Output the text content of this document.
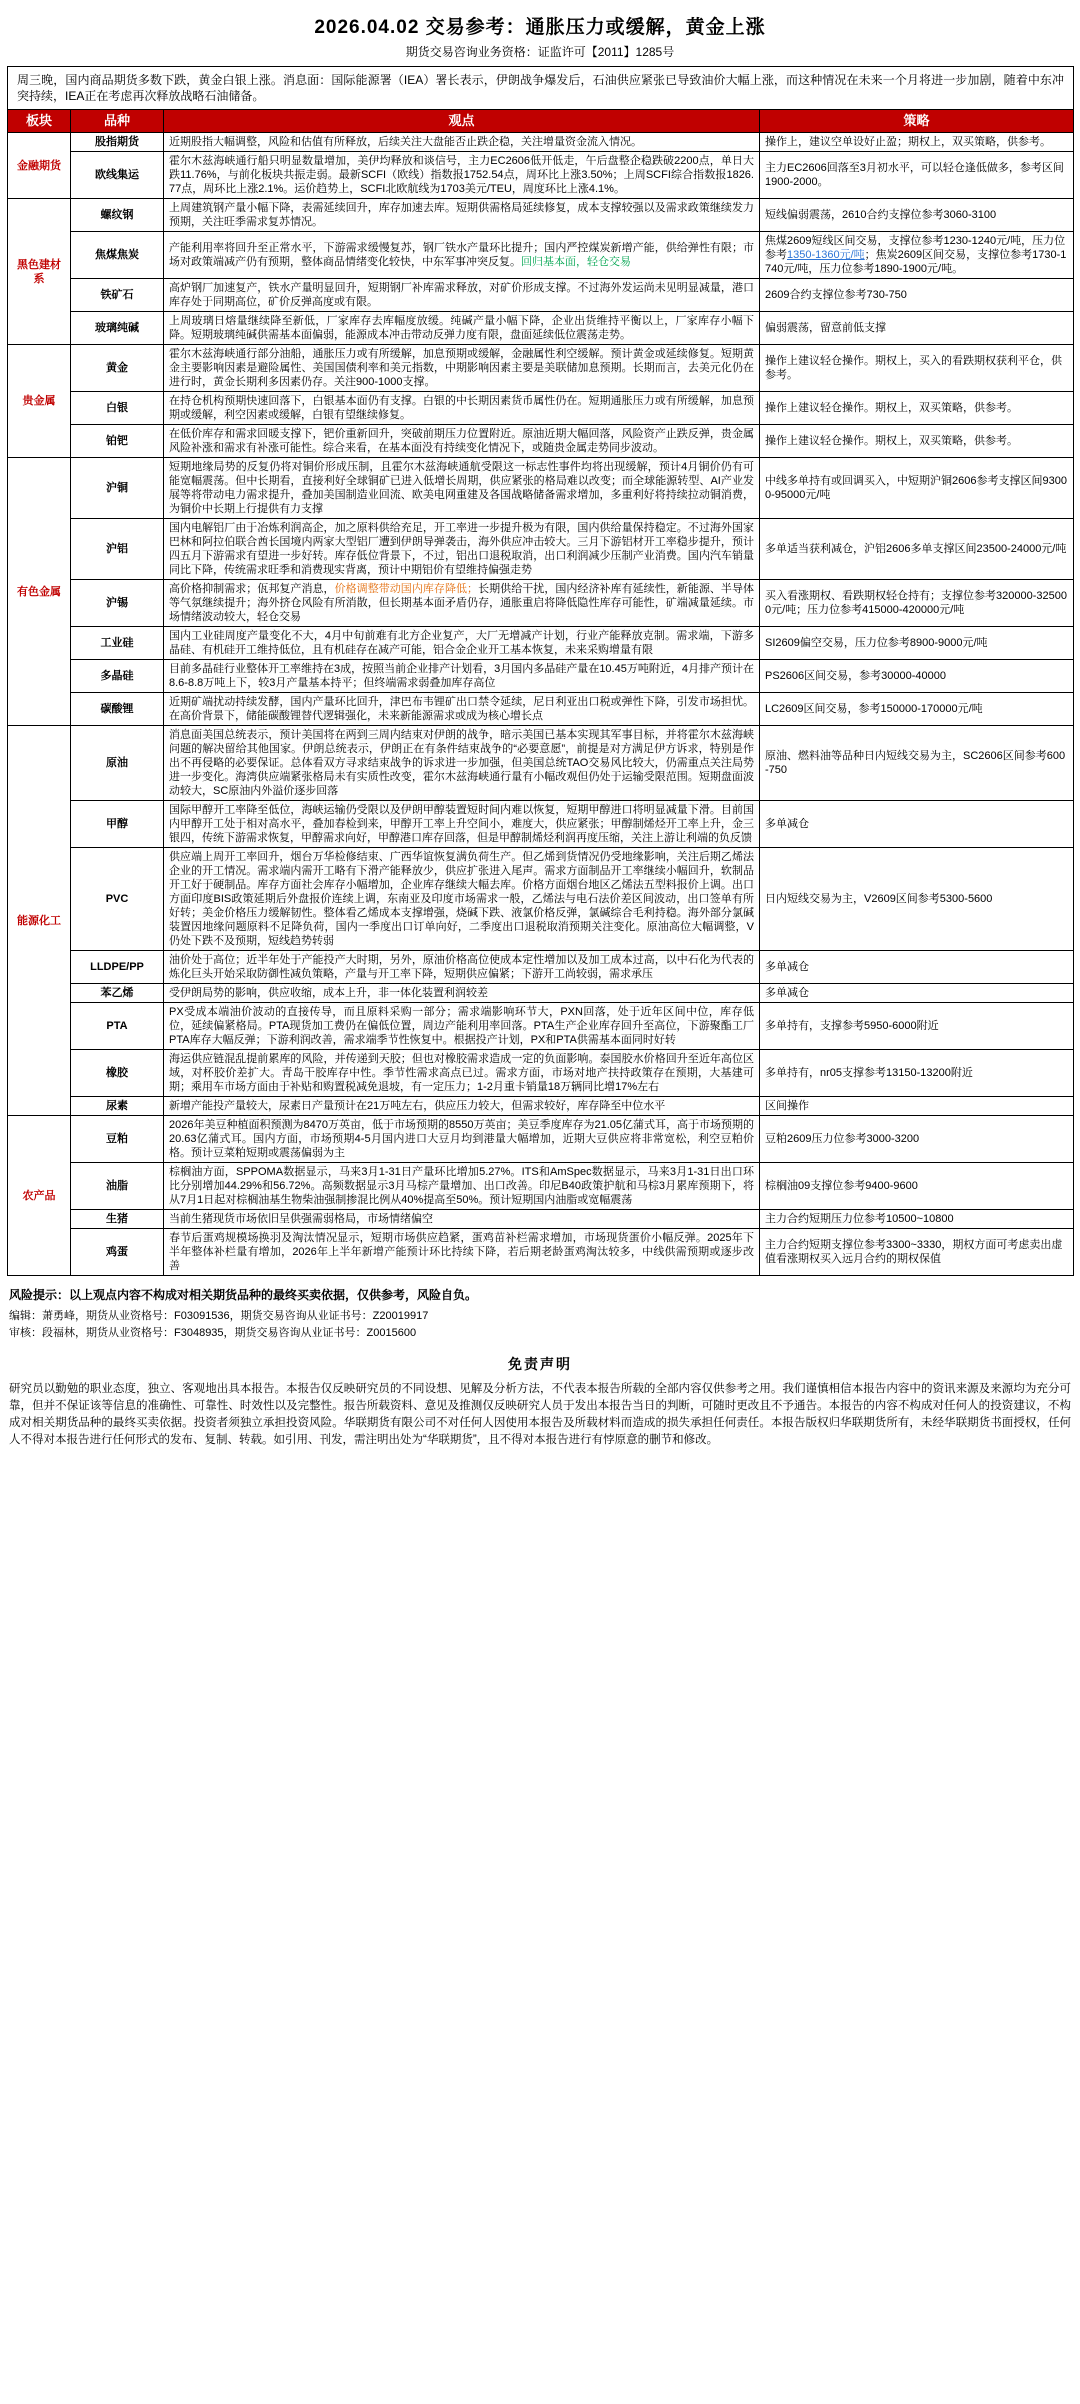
2026.04.02 交易参考：通胀压力或缓解，黄金上涨
期货交易咨询业务资格：证监许可【2011】1285号
周三晚，国内商品期货多数下跌，黄金白银上涨。消息面：国际能源署（IEA）署长表示，伊朗战争爆发后，石油供应紧张已导致油价大幅上涨，而这种情况在未来一个月将进一步加剧，随着中东冲突持续，IEA正在考虑再次释放战略石油储备。			
板块	品种	观点	策略
金融期货	股指期货	近期股指大幅调整，风险和估值有所释放，后续关注大盘能否止跌企稳，关注增量资金流入情况。	操作上，建议空单设好止盈；期权上，双买策略，供参考。
	欧线集运	霍尔木兹海峡通行船只明显数量增加，美伊均释放和谈信号，主力EC2606低开低走，午后盘整企稳跌破2200点，单日大跌11.76%，与前化板块共振走弱。最新SCFI（欧线）指数报1752.54点，周环比上涨3.50%；上周SCFI综合指数报1826.77点，周环比上涨2.1%。运价趋势上，SCFI北欧航线为1703美元/TEU，周度环比上涨4.1%。	主力EC2606回落至3月初水平，可以轻仓逢低做多，参考区间1900-2000。
黑色建材系	螺纹钢	上周建筑钢产量小幅下降，表需延续回升，库存加速去库。短期供需格局延续修复，成本支撑较强以及需求政策继续发力预期，关注旺季需求复苏情况。	短线偏弱震荡，2610合约支撑位参考3060-3100
	焦煤焦炭	产能利用率将回升至正常水平，下游需求缓慢复苏，钢厂铁水产量环比提升；国内严控煤炭新增产能，供给弹性有限；市场对政策端减产仍有预期，整体商品情绪变化较快，中东军事冲突反复。回归基本面，轻仓交易	焦煤2609短线区间交易，支撑位参考1230-1240元/吨，压力位参考1350-1360元/吨；焦炭2609区间交易，支撑位参考1730-1740元/吨，压力位参考1890-1900元/吨。
	铁矿石	高炉钢厂加速复产，铁水产量明显回升，短期钢厂补库需求释放，对矿价形成支撑。不过海外发运尚未见明显减量，港口库存处于同期高位，矿价反弹高度或有限。	2609合约支撑位参考730-750
	玻璃纯碱	上周玻璃日熔量继续降至新低，厂家库存去库幅度放缓。纯碱产量小幅下降，企业出货维持平衡以上，厂家库存小幅下降。短期玻璃纯碱供需基本面偏弱，能源成本冲击带动反弹力度有限，盘面延续低位震荡走势。	偏弱震荡，留意前低支撑
贵金属	黄金	霍尔木兹海峡通行部分油船，通胀压力或有所缓解，加息预期或缓解，金融属性利空缓解。预计黄金或延续修复。短期黄金主要影响因素是避险属性、美国国债利率和美元指数，中期影响因素主要是美联储加息预期。长期而言，去美元化仍在进行时，黄金长期利多因素仍存。关注900-1000支撑。	操作上建议轻仓操作。期权上，买入的看跌期权获利平仓，供参考。
	白银	在持仓机构预期快速回落下，白银基本面仍有支撑。白银的中长期因素货币属性仍在。短期通胀压力或有所缓解，加息预期或缓解，利空因素或缓解，白银有望继续修复。	操作上建议轻仓操作。期权上，双买策略，供参考。
	铂钯	在低价库存和需求回暖支撑下，钯价重新回升，突破前期压力位置附近。原油近期大幅回落，风险资产止跌反弹，贵金属风险补涨和需求有补涨可能性。综合来看，在基本面没有持续变化情况下，或随贵金属走势同步波动。	操作上建议轻仓操作。期权上，双买策略，供参考。
有色金属	沪铜	短期地缘局势的反复仍将对铜价形成压制，且霍尔木兹海峡通航受限这一标志性事件均将出现缓解，预计4月铜价仍有可能宽幅震荡。但中长期看，直接利好全球铜矿已进入低增长周期，供应紧张的格局难以改变；而全球能源转型、AI产业发展等将带动电力需求提升，叠加美国制造业回流、欧美电网重建及各国战略储备需求增加，多重利好将持续拉动铜消费，为铜价中长期上行提供有力支撑	中线多单持有或回调买入，中短期沪铜2606参考支撑区间93000-95000元/吨
	沪铝	国内电解铝厂由于冶炼利润高企，加之原料供给充足，开工率进一步提升极为有限，国内供给量保持稳定。不过海外国家巴林和阿拉伯联合酋长国境内两家大型铝厂遭到伊朗导弹袭击，海外供应冲击较大。三月下游铝材开工率稳步提升，预计四五月下游需求有望进一步好转。库存低位背景下，不过，铝出口退税取消，出口利润减少压制产业消费。国内汽车销量同比下降，传统需求旺季和消费现实背离，预计中期铝价有望维持偏强走势	多单适当获利减仓，沪铝2606多单支撑区间23500-24000元/吨
	沪锡	高价格抑制需求；佤邦复产消息，价格调整带动国内库存降低；长期供给干扰，国内经济补库有延续性，新能源、半导体等气氛继续提升；海外挤仓风险有所消散，但长期基本面矛盾仍存，通胀重启将降低隐性库存可能性，矿端减量延续。市场情绪波动较大，轻仓交易	买入看涨期权、看跌期权轻仓持有；支撑位参考320000-325000元/吨；压力位参考415000-420000元/吨
	工业硅	国内工业硅周度产量变化不大，4月中旬前难有北方企业复产，大厂无增减产计划，行业产能释放克制。需求端，下游多晶硅、有机硅开工维持低位，且有机硅存在减产可能，铝合金企业开工基本恢复，未来采购增量有限	SI2609偏空交易，压力位参考8900-9000元/吨
	多晶硅	目前多晶硅行业整体开工率维持在3成，按照当前企业排产计划看，3月国内多晶硅产量在10.45万吨附近，4月排产预计在8.6-8.8万吨上下，较3月产量基本持平；但终端需求弱叠加库存高位	PS2606区间交易，参考30000-40000
	碳酸锂	近期矿端扰动持续发酵，国内产量环比回升，津巴布韦锂矿出口禁令延续，尼日利亚出口税或弹性下降，引发市场担忧。在高价背景下，储能碳酸锂替代逻辑强化，未来新能源需求或成为核心增长点	LC2609区间交易，参考150000-170000元/吨
能源化工	原油	消息面美国总统表示，预计美国将在两到三周内结束对伊朗的战争，暗示美国已基本实现其军事目标，并将霍尔木兹海峡问题的解决留给其他国家。伊朗总统表示，伊朗正在有条件结束战争的“必要意愿”，前提是对方满足伊方诉求，特别是作出不再侵略的必要保证。总体看双方寻求结束战争的诉求进一步加强，但美国总统TAO交易风比较大，仍需重点关注局势进一步变化。海湾供应端紧张格局未有实质性改变，霍尔木兹海峡通行量有小幅改观但仍处于运输受限范围。短期盘面波动较大，SC原油内外溢价逐步回落	原油、燃料油等品种日内短线交易为主，SC2606区间参考600-750
	甲醇	国际甲醇开工率降至低位，海峡运输仍受限以及伊朗甲醇装置短时间内难以恢复，短期甲醇进口将明显减量下滑。目前国内甲醇开工处于相对高水平，叠加春检到来，甲醇开工率上升空间小，难度大，供应紧张；甲醇制烯烃开工率上升，金三银四，传统下游需求恢复，甲醇需求向好，甲醇港口库存回落，但是甲醇制烯烃利润再度压缩，关注上游让利端的负反馈	多单减仓
	PVC	供应端上周开工率回升，烟台万华检修结束、广西华谊恢复满负荷生产。但乙烯到货情况仍受地缘影响，关注后期乙烯法企业的开工情况。需求端内需开工略有下滑产能释放少，供应扩张进入尾声。需求方面制品开工率继续小幅回升，软制品开工好于硬制品。库存方面社会库存小幅增加，企业库存继续大幅去库。价格方面烟台地区乙烯法五型料报价上调。出口方面印度BIS政策延期后外盘报价连续上调，东南亚及印度市场需求一般，乙烯法与电石法价差区间波动，出口签单有所好转；美金价格压力缓解韧性。整体看乙烯成本支撑增强，烧碱下跌、液氯价格反弹，氯碱综合毛利持稳。海外部分氯碱装置因地缘问题原料不足降负荷，国内一季度出口订单向好，二季度出口退税取消预期关注变化。原油高位大幅调整，V仍处下跌不及预期，短线趋势转弱	日内短线交易为主，V2609区间参考5300-5600
	LLDPE/PP	油价处于高位；近半年处于产能投产大时期，另外，原油价格高位使成本定性增加以及加工成本过高，以中石化为代表的炼化巨头开始采取防御性减负策略，产量与开工率下降，短期供应偏紧；下游开工尚较弱，需求承压	多单减仓
	苯乙烯	受伊朗局势的影响，供应收缩，成本上升，非一体化装置利润较差	多单减仓
	PTA	PX受成本端油价波动的直接传导，而且原料采购一部分；需求端影响环节大，PXN回落，处于近年区间中位，库存低位，延续偏紧格局。PTA现货加工费仍在偏低位置，周边产能利用率回落。PTA生产企业库存回升至高位，下游聚酯工厂PTA库存大幅反弹；下游利润改善，需求端季节性恢复中。根据投产计划，PX和PTA供需基本面同时好转	多单持有，支撑参考5950-6000附近
	橡胶	海运供应链混乱提前累库的风险，并传递到天胶；但也对橡胶需求造成一定的负面影响。泰国胶水价格回升至近年高位区域，对杯胶价差扩大。青岛干胶库存中性。季节性需求高点已过。需求方面，市场对地产扶持政策存在预期，大基建可期；乘用车市场方面由于补贴和购置税减免退坡，有一定压力；1-2月重卡销量18万辆同比增17%左右	多单持有，nr05支撑参考13150-13200附近
	尿素	新增产能投产量较大，尿素日产量预计在21万吨左右，供应压力较大，但需求较好，库存降至中位水平	区间操作
农产品	豆粕	2026年美豆种植面积预测为8470万英亩，低于市场预期的8550万英亩；美豆季度库存为21.05亿蒲式耳，高于市场预期的20.63亿蒲式耳。国内方面，市场预期4-5月国内进口大豆月均到港量大幅增加，近期大豆供应将非常宽松，利空豆粕价格。预计豆菜粕短期或震荡偏弱为主	豆粕2609压力位参考3000-3200
	油脂	棕榈油方面，SPPOMA数据显示，马来3月1-31日产量环比增加5.27%。ITS和AmSpec数据显示，马来3月1-31日出口环比分别增加44.29%和56.72%。高频数据显示3月马棕产量增加、出口改善。印尼B40政策护航和马棕3月累库预期下，将从7月1日起对棕榈油基生物柴油强制掺混比例从40%提高至50%。预计短期国内油脂或宽幅震荡	棕榈油09支撑位参考9400-9600
	生猪	当前生猪现货市场依旧呈供强需弱格局，市场情绪偏空	主力合约短期压力位参考10500~10800
	鸡蛋	春节后蛋鸡规模场换羽及淘汰情况显示，短期市场供应趋紧，蛋鸡苗补栏需求增加，市场现货蛋价小幅反弹。2025年下半年整体补栏量有增加，2026年上半年新增产能预计环比持续下降，若后期老龄蛋鸡淘汰较多，中线供需预期或逐步改善	主力合约短期支撑位参考3300~3330，期权方面可考虑卖出虚值看涨期权买入远月合约的期权保值
风险提示：以上观点内容不构成对相关期货品种的最终买卖依据，仅供参考，风险自负。
编辑：萧勇峰，期货从业资格号：F03091536，期货交易咨询从业证书号：Z20019917
审核：段福林，期货从业资格号：F3048935，期货交易咨询从业证书号：Z0015600
免责声明
研究员以勤勉的职业态度，独立、客观地出具本报告。本报告仅反映研究员的不同设想、见解及分析方法，不代表本报告所载的全部内容仅供参考之用。我们谨慎相信本报告内容中的资讯来源及来源均为充分可靠，但并不保证该等信息的准确性、可靠性、时效性以及完整性。报告所载资料、意见及推测仅反映研究人员于发出本报告当日的判断，可随时更改且不予通告。本报告的内容不构成对任何人的投资建议，不构成对相关期货品种的最终买卖依据。投资者须独立承担投资风险。华联期货有限公司不对任何人因使用本报告及所载材料而造成的损失承担任何责任。本报告版权归华联期货所有，未经华联期货书面授权，任何人不得对本报告进行任何形式的发布、复制、转载。如引用、刊发，需注明出处为“华联期货”，且不得对本报告进行有悖原意的删节和修改。
